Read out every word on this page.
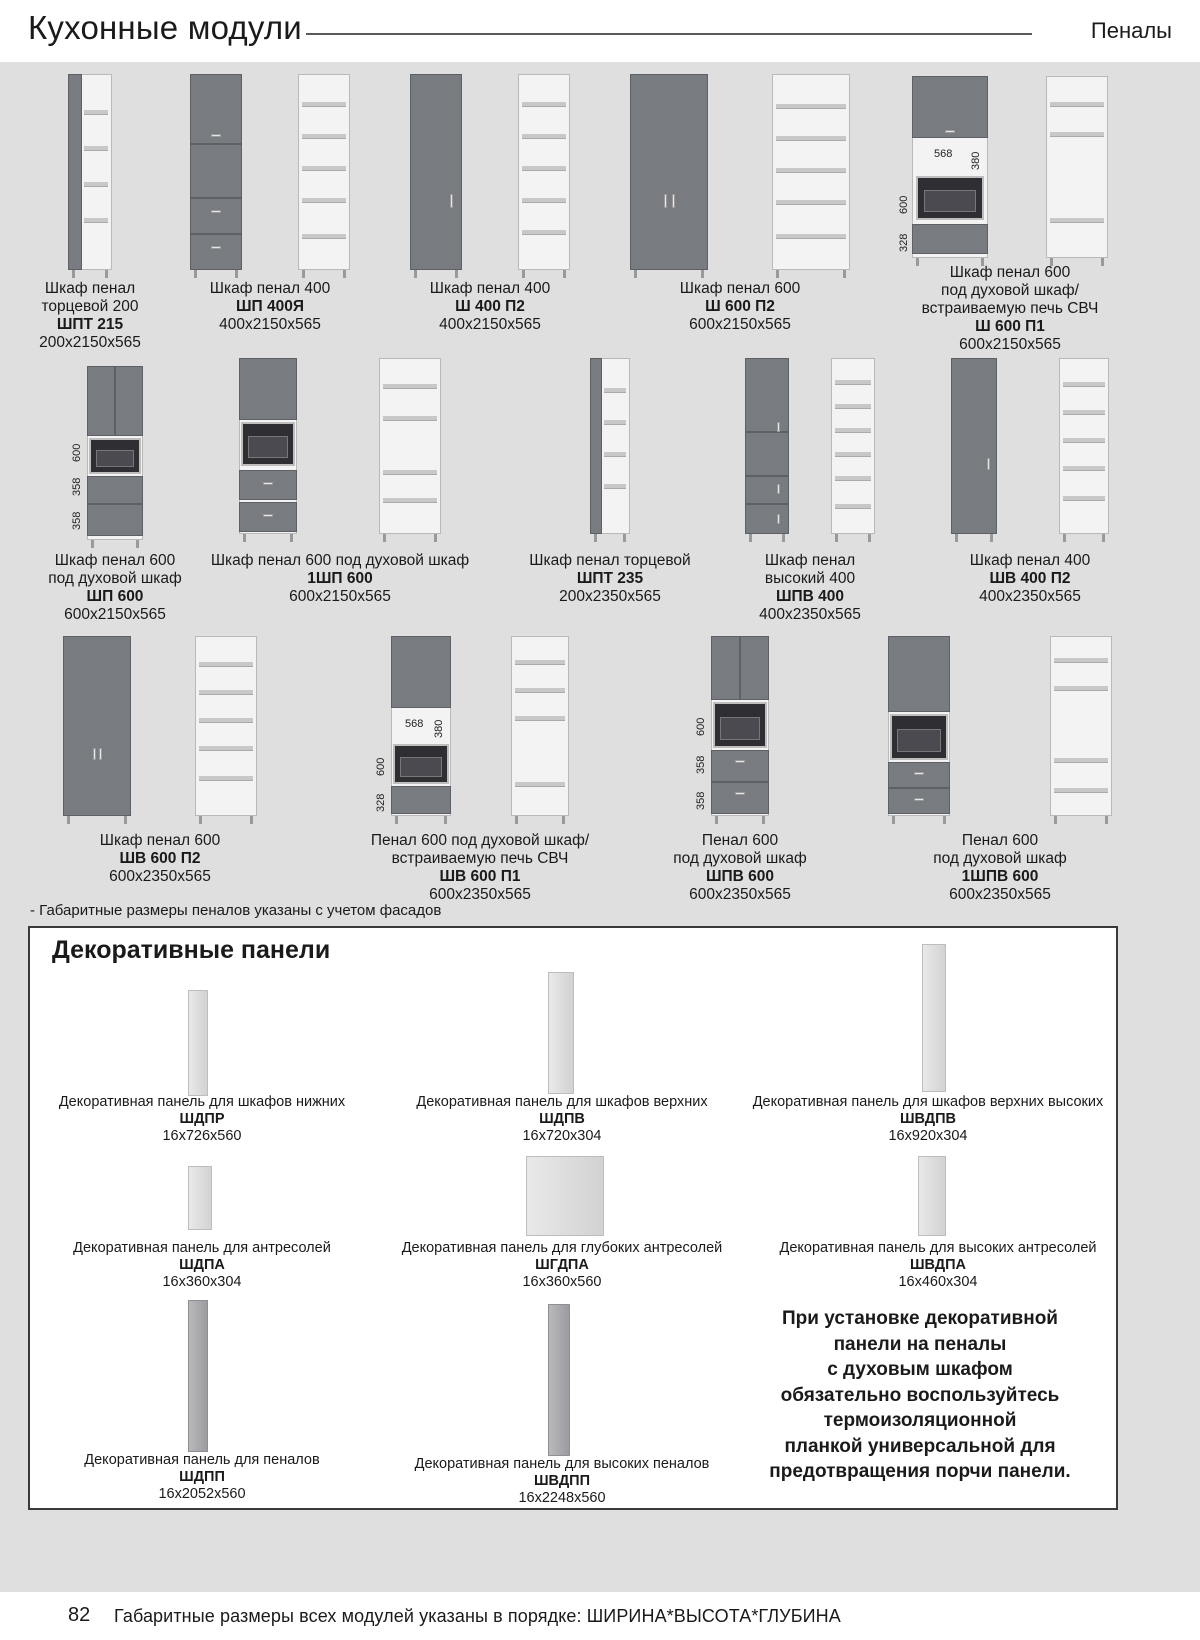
Кухонные модули	Пеналы
Шкаф пенал
торцевой 200
ШПТ 215
200x2150x565
Шкаф пенал 400
ШП 400Я
400x2150x565
Шкаф пенал 400
Ш 400 П2
400x2150x565
Шкаф пенал 600
Ш 600 П2
600x2150x565
568 380
600
328
Шкаф пенал 600
под духовой шкаф/
встраиваемую печь СВЧ
Ш 600 П1
600x2150x565
600
358
358
Шкаф пенал 600
под духовой шкаф
ШП 600
600x2150x565
Шкаф пенал 600 под духовой шкаф
1ШП 600
600x2150x565
Шкаф пенал торцевой
ШПТ 235
200x2350x565
Шкаф пенал
высокий 400
ШПВ 400
400x2350x565
Шкаф пенал 400
ШВ 400 П2
400x2350x565
Шкаф пенал 600
ШВ 600 П2
600x2350x565
568 380
600
328
Пенал 600 под духовой шкаф/
встраиваемую печь СВЧ
ШВ 600 П1
600x2350x565
600
358
358
Пенал 600
под духовой шкаф
ШПВ 600
600x2350x565
Пенал 600
под духовой шкаф
1ШПВ 600
600x2350x565
- Габаритные размеры пеналов указаны с учетом фасадов
Декоративные панели
Декоративная панель для шкафов нижних
ШДПР
16x726x560
Декоративная панель для шкафов верхних
ШДПВ
16x720x304
Декоративная панель для шкафов верхних высоких
ШВДПВ
16x920x304
Декоративная панель для антресолей
ШДПА
16x360x304
Декоративная панель для глубоких антресолей
ШГДПА
16x360x560
Декоративная панель для высоких антресолей
ШВДПА
16x460x304
Декоративная панель для пеналов
ШДПП
16x2052x560
Декоративная панель для высоких пеналов
ШВДПП
16x2248x560
При установке декоративной
панели на пеналы
с духовым шкафом
обязательно воспользуйтесь
термоизоляционной
планкой универсальной для
предотвращения порчи панели.
82 Габаритные размеры всех модулей указаны в порядке: ШИРИНА*ВЫСОТА*ГЛУБИНА
